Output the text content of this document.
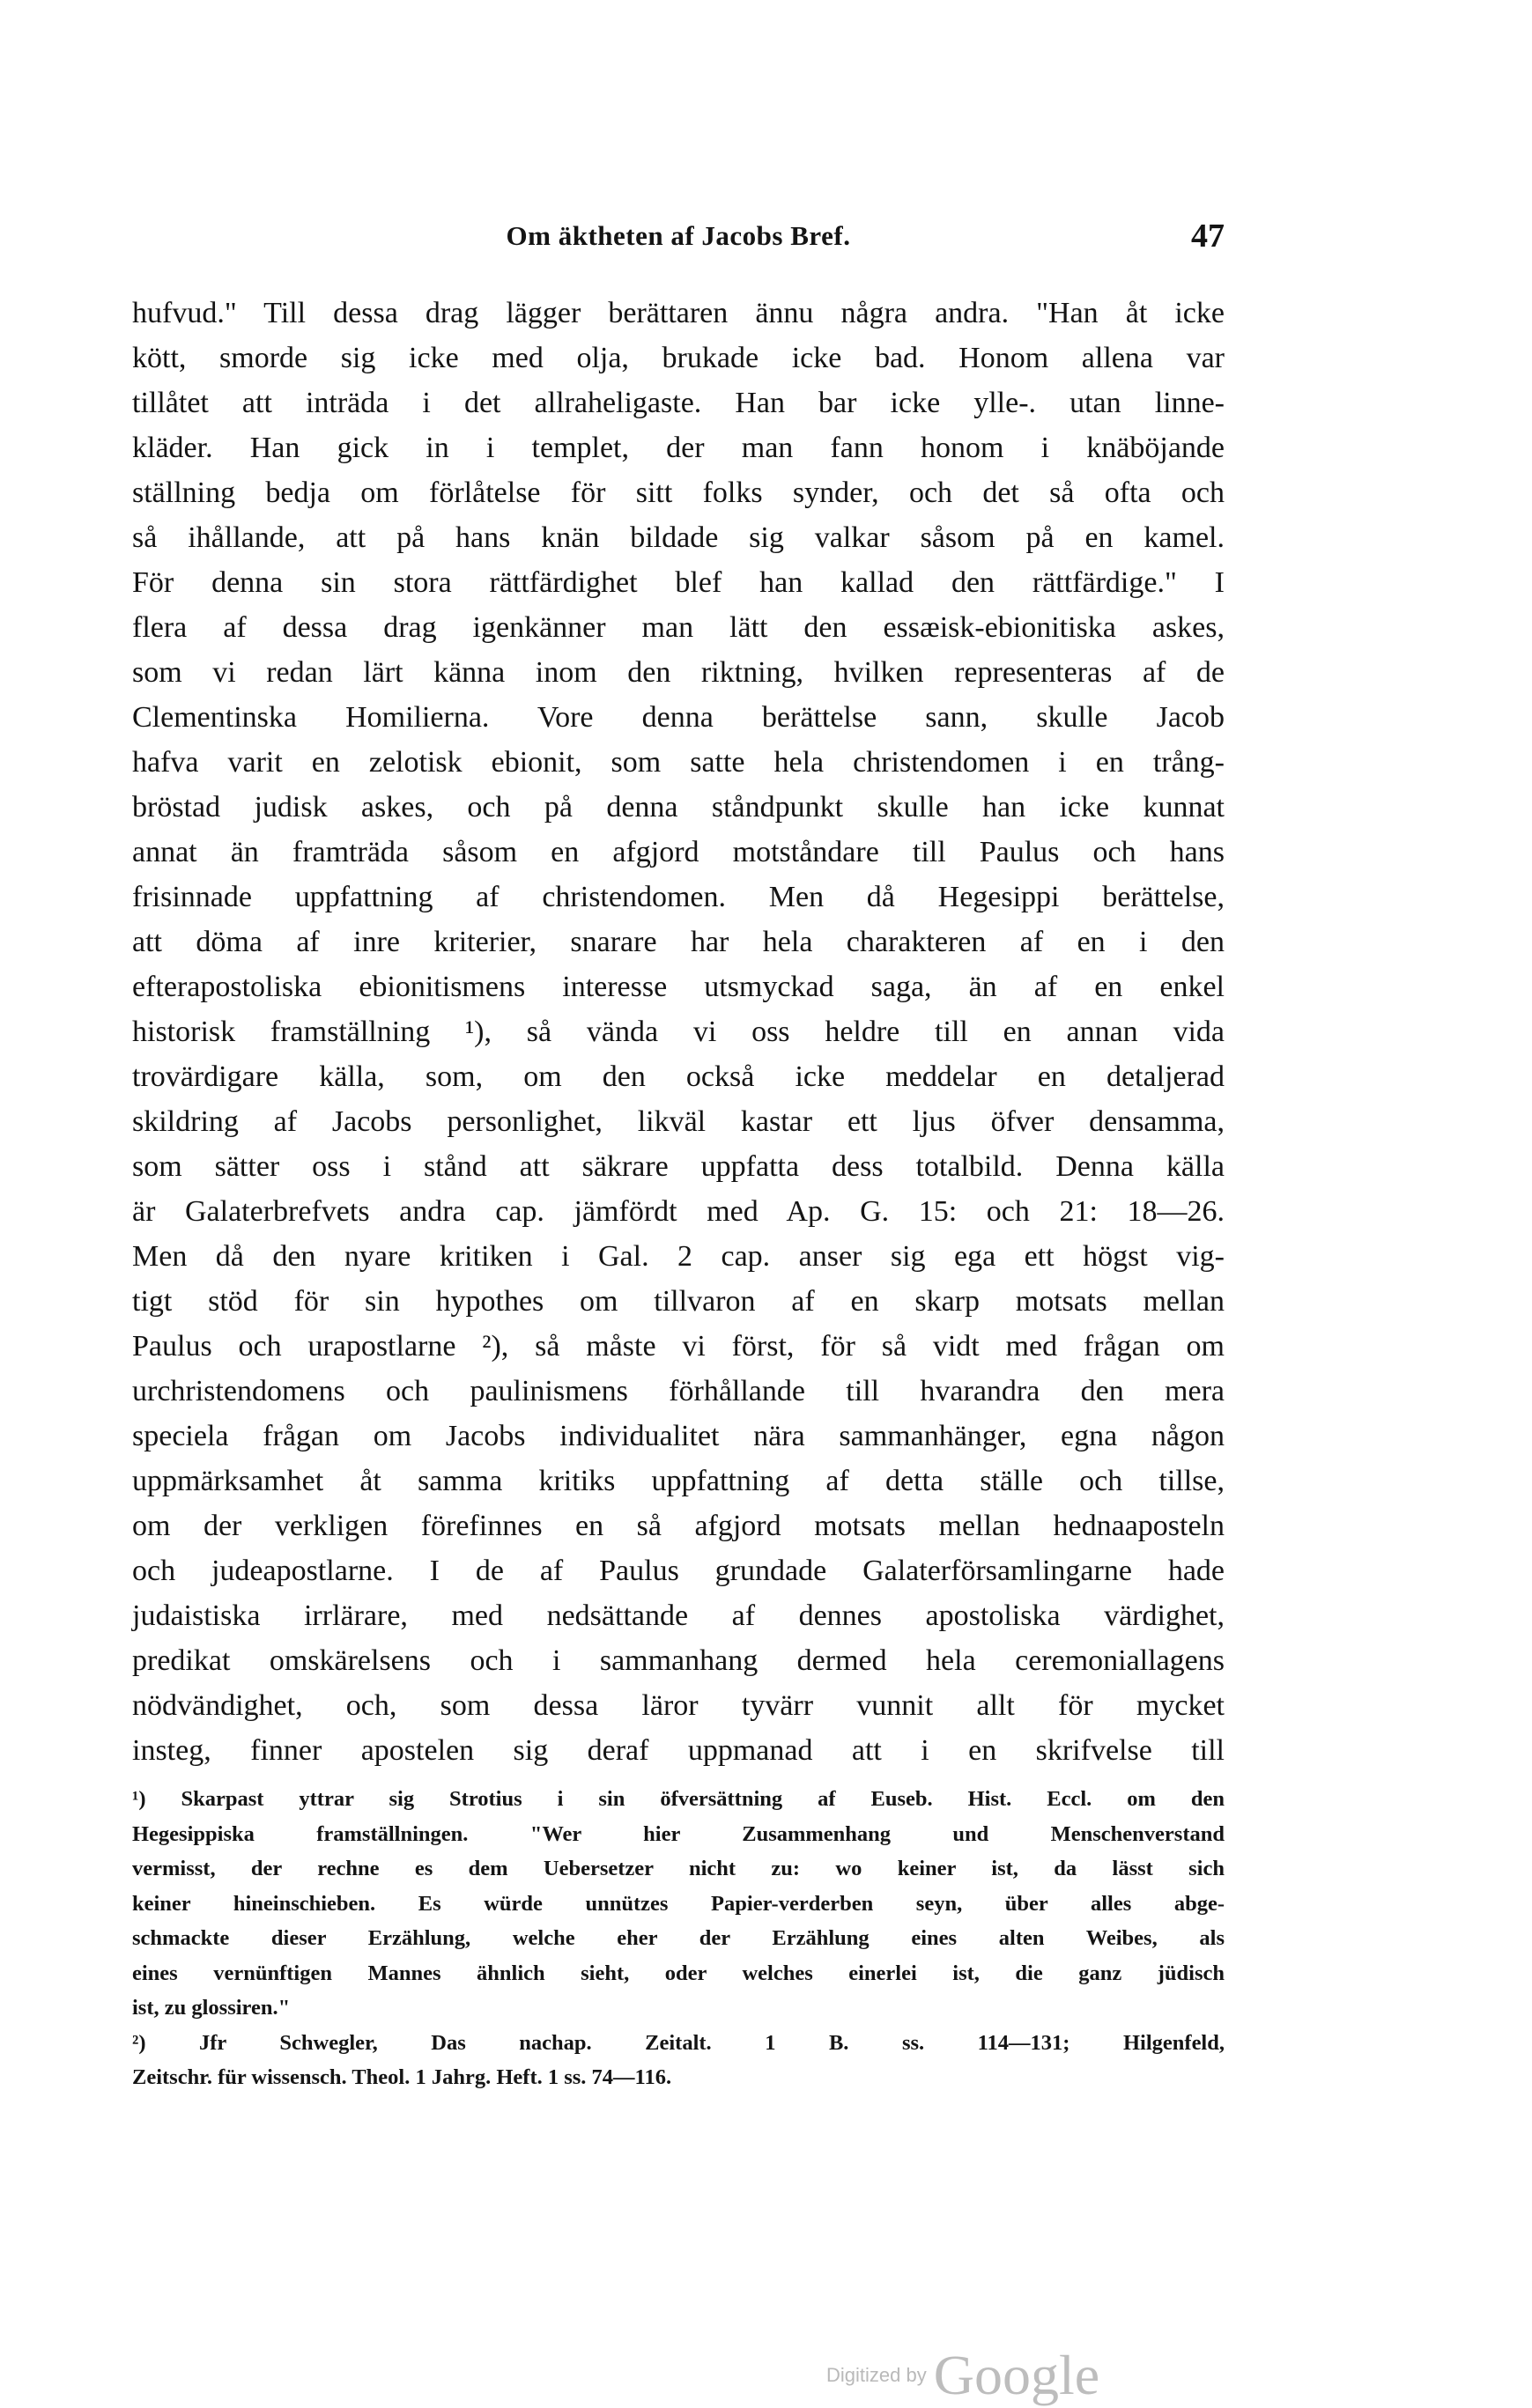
Om äktheten af Jacobs Bref.	47
hufvud." Till dessa drag lägger berättaren ännu några andra. "Han åt icke
kött, smorde sig icke med olja, brukade icke bad. Honom allena var
tillåtet att inträda i det allraheligaste. Han bar icke ylle-. utan linne-
kläder. Han gick in i templet, der man fann honom i knäböjande
ställning bedja om förlåtelse för sitt folks synder, och det så ofta och
så ihållande, att på hans knän bildade sig valkar såsom på en kamel.
För denna sin stora rättfärdighet blef han kallad den rättfärdige." I
flera af dessa drag igenkänner man lätt den essæisk-ebionitiska askes,
som vi redan lärt känna inom den riktning, hvilken representeras af de
Clementinska Homilierna. Vore denna berättelse sann, skulle Jacob
hafva varit en zelotisk ebionit, som satte hela christendomen i en trång-
bröstad judisk askes, och på denna ståndpunkt skulle han icke kunnat
annat än framträda såsom en afgjord motståndare till Paulus och hans
frisinnade uppfattning af christendomen. Men då Hegesippi berättelse,
att döma af inre kriterier, snarare har hela charakteren af en i den
efterapostoliska ebionitismens interesse utsmyckad saga, än af en enkel
historisk framställning ¹), så vända vi oss heldre till en annan vida
trovärdigare källa, som, om den också icke meddelar en detaljerad
skildring af Jacobs personlighet, likväl kastar ett ljus öfver densamma,
som sätter oss i stånd att säkrare uppfatta dess totalbild. Denna källa
är Galaterbrefvets andra cap. jämfördt med Ap. G. 15: och 21: 18—26.
Men då den nyare kritiken i Gal. 2 cap. anser sig ega ett högst vig-
tigt stöd för sin hypothes om tillvaron af en skarp motsats mellan
Paulus och urapostlarne ²), så måste vi först, för så vidt med frågan om
urchristendomens och paulinismens förhållande till hvarandra den mera
speciela frågan om Jacobs individualitet nära sammanhänger, egna någon
uppmärksamhet åt samma kritiks uppfattning af detta ställe och tillse,
om der verkligen förefinnes en så afgjord motsats mellan hednaaposteln
och judeapostlarne. I de af Paulus grundade Galaterförsamlingarne hade
judaistiska irrlärare, med nedsättande af dennes apostoliska värdighet,
predikat omskärelsens och i sammanhang dermed hela ceremoniallagens
nödvändighet, och, som dessa läror tyvärr vunnit allt för mycket
insteg, finner apostelen sig deraf uppmanad att i en skrifvelse till
¹) Skarpast yttrar sig Strotius i sin öfversättning af Euseb. Hist. Eccl. om den
Hegesippiska framställningen. "Wer hier Zusammenhang und Menschenverstand
vermisst, der rechne es dem Uebersetzer nicht zu: wo keiner ist, da lässt sich
keiner hineinschieben. Es würde unnützes Papier-verderben seyn, über alles abge-
schmackte dieser Erzählung, welche eher der Erzählung eines alten Weibes, als
eines vernünftigen Mannes ähnlich sieht, oder welches einerlei ist, die ganz jüdisch
ist, zu glossiren."
²) Jfr Schwegler, Das nachap. Zeitalt. 1 B. ss. 114—131; Hilgenfeld,
Zeitschr. für wissensch. Theol. 1 Jahrg. Heft. 1 ss. 74—116.
Digitized by Google
